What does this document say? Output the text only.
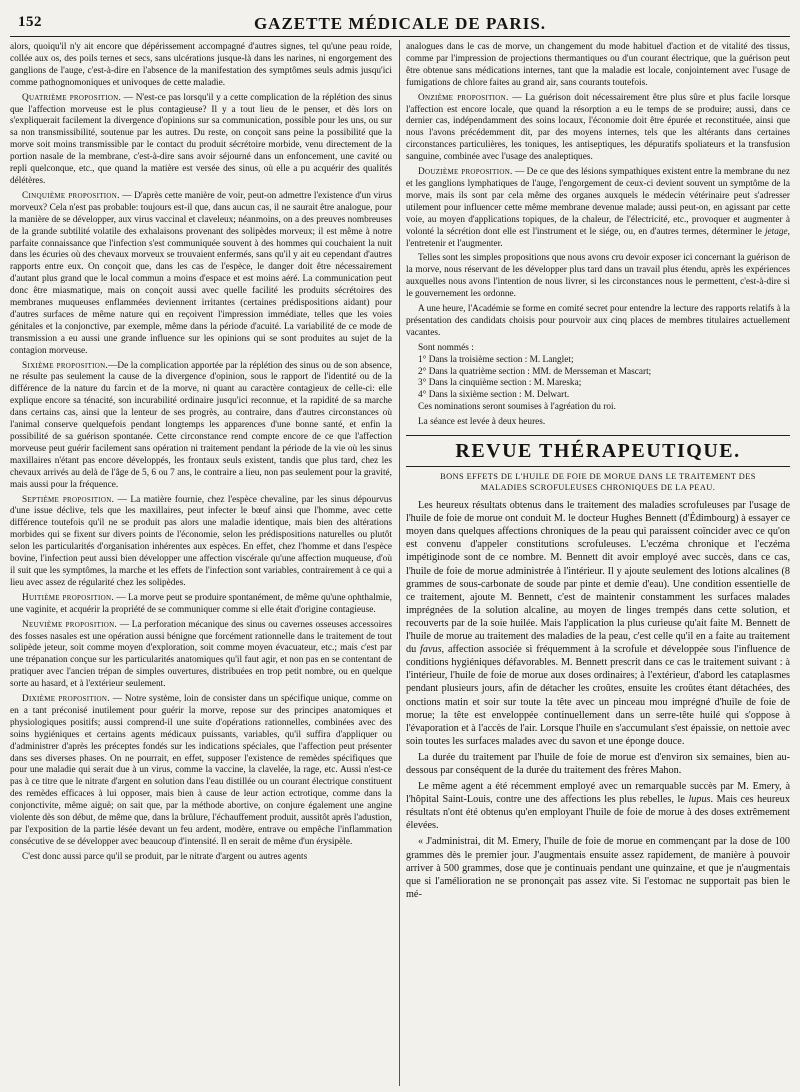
152	GAZETTE MÉDICALE DE PARIS.

alors, quoiqu'il n'y ait encore que dépérissement accompagné d'autres signes, tel qu'une peau roide, collée aux os, des poils ternes et secs, sans ulcérations jusque-là dans les narines, ni engorgement des ganglions de l'auge, c'est-à-dire en l'absence de la manifestation des symptômes seuls admis jusqu'ici comme pathognomoniques et univoques de cette maladie.

Quatrième proposition. — N'est-ce pas lorsqu'il y a cette complication de la réplétion des sinus que l'affection morveuse est le plus contagieuse? Il y a tout lieu de le penser, et dès lors on s'expliquerait facilement la divergence d'opinions sur sa communication, possible pour les uns, ou sur sa non transmissibilité, soutenue par les autres. Du reste, on conçoit sans peine la possibilité que la morve soit moins transmissible par le contact du produit sécrétoire morbide, venu directement de la portion nasale de la membrane, c'est-à-dire sans avoir séjourné dans un enfoncement, une cavité ou repli quelconque, etc., que quand la matière est versée des sinus, où elle a pu acquérir des qualités délétères.

Cinquième proposition. — D'après cette manière de voir, peut-on admettre l'existence d'un virus morveux? Cela n'est pas probable: toujours est-il que, dans aucun cas, il ne saurait être analogue, pour la manière de se développer, aux virus vaccinal et claveleux; néanmoins, on a des preuves nombreuses de la grande subtilité volatile des exhalaisons provenant des solipèdes morveux; il est même à notre parfaite connaissance que l'infection s'est communiquée souvent à des hommes qui couchaient la nuit dans les écuries où des chevaux morveux se trouvaient enfermés, sans qu'il y ait eu cependant d'autres rapports entre eux. On conçoit que, dans les cas de l'espèce, le danger doit être nécessairement d'autant plus grand que le local commun a moins d'espace et est moins aéré. La communication peut donc être miasmatique, mais on conçoit aussi avec quelle facilité les produits sécrétoires des membranes muqueuses enflammées deviennent irritantes (certaines prédispositions aidant) pour d'autres surfaces de même nature qui en reçoivent l'impression immédiate, telles que les voies génitales et la conjonctive, par exemple, même dans la période d'acuité. La variabilité de ce mode de transmission a eu aussi une grande influence sur les opinions qui se sont produites au sujet de la contagion morveuse.

Sixième proposition.—De la complication apportée par la réplétion des sinus ou de son absence, ne résulte pas seulement la cause de la divergence d'opinion, sous le rapport de l'identité ou de la différence de la nature du farcin et de la morve, ni quant au caractère contagieux de celle-ci: elle explique encore sa ténacité, son incurabilité ordinaire jusqu'ici reconnue, et la rapidité de sa marche dans certains cas, ainsi que la lenteur de ses progrès, au contraire, dans d'autres circonstances où l'animal conserve quelquefois pendant longtemps les apparences d'une bonne santé, et enfin la possibilité de sa guérison spontanée. Cette circonstance rend compte encore de ce que l'affection morveuse peut guérir facilement sans opération ni traitement pendant la période de la vie où les sinus maxillaires n'étant pas encore développés, les frontaux seuls existent, tandis que plus tard, chez les chevaux arrivés au delà de l'âge de 5, 6 ou 7 ans, le contraire a lieu, non pas seulement pour la gravité, mais aussi pour la fréquence.

Septième proposition. — La matière fournie, chez l'espèce chevaline, par les sinus dépourvus d'une issue déclive, tels que les maxillaires, peut infecter le bœuf ainsi que l'homme, avec cette différence toutefois qu'il ne se produit pas alors une maladie identique, mais bien des altérations morbides qui se fixent sur divers points de l'économie, selon les prédispositions naturelles ou plutôt selon les particularités d'organisation inhérentes aux espèces. En effet, chez l'homme et dans l'espèce bovine, l'infection peut aussi bien développer une affection viscérale qu'une affection muqueuse, d'où il suit que les symptômes, la marche et les effets de l'infection sont variables, contrairement à ce qui a lieu avec assez de régularité chez les solipèdes.

Huitième proposition. — La morve peut se produire spontanément, de même qu'une ophthalmie, une vaginite, et acquérir la propriété de se communiquer comme si elle était d'origine contagieuse.

Neuvième proposition. — La perforation mécanique des sinus ou cavernes osseuses accessoires des fosses nasales est une opération aussi bénigne que forcément rationnelle dans le traitement de tout solipède jeteur, soit comme moyen d'exploration, soit comme moyen évacuateur, etc.; mais c'est par une trépanation conçue sur les particularités anatomiques qu'il faut agir, et non pas en se contentant de pratiquer avec l'ancien trépan de simples ouvertures, distribuées en trop petit nombre, ou en quelque sorte au hasard, et à l'extérieur seulement.

Dixième proposition. — Notre système, loin de consister dans un spécifique unique, comme on en a tant préconisé inutilement pour guérir la morve, repose sur des principes anatomiques et physiologiques positifs; aussi comprend-il une suite d'opérations rationnelles, combinées avec des soins hygiéniques et certains agents médicaux puissants, variables, qu'il suffira d'appliquer ou d'administrer d'après les préceptes fondés sur les indications spéciales, que l'affection peut présenter dans ses diverses phases. On ne pourrait, en effet, supposer l'existence de remèdes spécifiques que pour une maladie qui serait due à un virus, comme la vaccine, la clavelée, la rage, etc. Aussi n'est-ce pas à ce titre que le nitrate d'argent en solution dans l'eau distillée ou un courant électrique constituent des remèdes efficaces à lui opposer, mais bien à cause de leur action ectrotique, comme dans la conjonctivite, même aiguë; on sait que, par la méthode abortive, on conjure également une angine violente dès son début, de même que, dans la brûlure, l'échauffement produit, aussitôt après l'adustion, par l'exposition de la partie lésée devant un feu ardent, modère, entrave ou empêche l'inflammation consécutive de se développer avec beaucoup d'intensité. Il en serait de même d'un érysipèle.

C'est donc aussi parce qu'il se produit, par le nitrate d'argent ou autres agents

analogues dans le cas de morve, un changement du mode habituel d'action et de vitalité des tissus, comme par l'impression de projections thermantiques ou d'un courant électrique, que la guérison peut être obtenue sans médications internes, tant que la maladie est locale, conjointement avec l'usage de fumigations de chlore faites au grand air, sans courants toutefois.

Onzième proposition. — La guérison doit nécessairement être plus sûre et plus facile lorsque l'affection est encore locale, que quand la résorption a eu le temps de se produire; aussi, dans ce dernier cas, indépendamment des soins locaux, l'économie doit être épurée et reconstituée, ainsi que nous l'avons précédemment dit, par des moyens internes, tels que les altérants dans certaines circonstances particulières, les toniques, les antiseptiques, les dépuratifs spoliateurs et la transfusion sanguine, combinée avec l'usage des analeptiques.

Douzième proposition. — De ce que des lésions sympathiques existent entre la membrane du nez et les ganglions lymphatiques de l'auge, l'engorgement de ceux-ci devient souvent un symptôme de la morve, mais ils sont par cela même des organes auxquels le médecin vétérinaire peut s'adresser utilement pour influencer cette même membrane devenue malade; aussi peut-on, en agissant par cette voie, au moyen d'applications topiques, de la chaleur, de l'électricité, etc., provoquer et augmenter à volonté la sécrétion dont elle est l'instrument et le siége, ou, en d'autres termes, déterminer le jetage, l'entretenir et l'augmenter.

Telles sont les simples propositions que nous avons cru devoir exposer ici concernant la guérison de la morve, nous réservant de les développer plus tard dans un travail plus étendu, après les expériences auxquelles nous avons l'intention de nous livrer, si les circonstances nous le permettent, c'est-à-dire si le gouvernement les ordonne.

A une heure, l'Académie se forme en comité secret pour entendre la lecture des rapports relatifs à la présentation des candidats choisis pour pourvoir aux cinq places de membres titulaires actuellement vacantes.

Sont nommés :
1° Dans la troisième section : M. Langlet;
2° Dans la quatrième section : MM. de Mersseman et Mascart;
3° Dans la cinquième section : M. Mareska;
4° Dans la sixième section : M. Delwart.
Ces nominations seront soumises à l'agréation du roi.

La séance est levée à deux heures.

REVUE THÉRAPEUTIQUE.
BONS EFFETS DE L'HUILE DE FOIE DE MORUE DANS LE TRAITEMENT DES MALADIES SCROFULEUSES CHRONIQUES DE LA PEAU.

Les heureux résultats obtenus dans le traitement des maladies scrofuleuses par l'usage de l'huile de foie de morue ont conduit M. le docteur Hughes Bennett (d'Édimbourg) à essayer ce moyen dans quelques affections chroniques de la peau qui paraissent coïncider avec ce qu'on est convenu d'appeler constitutions scrofuleuses. L'eczéma chronique et l'eczéma impétiginode sont de ce nombre. M. Bennett dit avoir employé avec succès, dans ce cas, l'huile de foie de morue administrée à l'intérieur. Il y ajoute seulement des lotions alcalines (8 grammes de sous-carbonate de soude par pinte et demie d'eau). Une condition essentielle de ce traitement, ajoute M. Bennett, c'est de maintenir constamment les surfaces malades imprégnées de la solution alcaline, au moyen de linges trempés dans cette solution, et recouverts par de la soie huilée. Mais l'application la plus curieuse qu'ait faite M. Bennett de l'huile de morue au traitement des maladies de la peau, c'est celle qu'il en a faite au traitement du favus, affection associée si fréquemment à la scrofule et développée sous l'influence de conditions hygiéniques défavorables. M. Bennett prescrit dans ce cas le traitement suivant : à l'intérieur, l'huile de foie de morue aux doses ordinaires; à l'extérieur, d'abord les cataplasmes pendant plusieurs jours, afin de détacher les croûtes, ensuite les croûtes étant détachées, des onctions matin et soir sur toute la tête avec un pinceau mou imprégné d'huile de foie de morue; la tête est enveloppée continuellement dans un serre-tête huilé qui s'oppose à l'évaporation et à l'accès de l'air. Lorsque l'huile en s'accumulant s'est épaissie, on nettoie avec soin toutes les surfaces malades avec du savon et une éponge douce.

La durée du traitement par l'huile de foie de morue est d'environ six semaines, bien au-dessous par conséquent de la durée du traitement des frères Mahon.

Le même agent a été récemment employé avec un remarquable succès par M. Emery, à l'hôpital Saint-Louis, contre une des affections les plus rebelles, le lupus. Mais ces heureux résultats n'ont été obtenus qu'en employant l'huile de foie de morue à des doses extrêmement élevées.

« J'administrai, dit M. Emery, l'huile de foie de morue en commençant par la dose de 100 grammes dès le premier jour. J'augmentais ensuite assez rapidement, de manière à pouvoir arriver à 500 grammes, dose que je continuais pendant une quinzaine, et que je n'augmentais que si l'amélioration ne se prononçait pas assez vite. Si l'estomac ne supportait pas bien le mé-
